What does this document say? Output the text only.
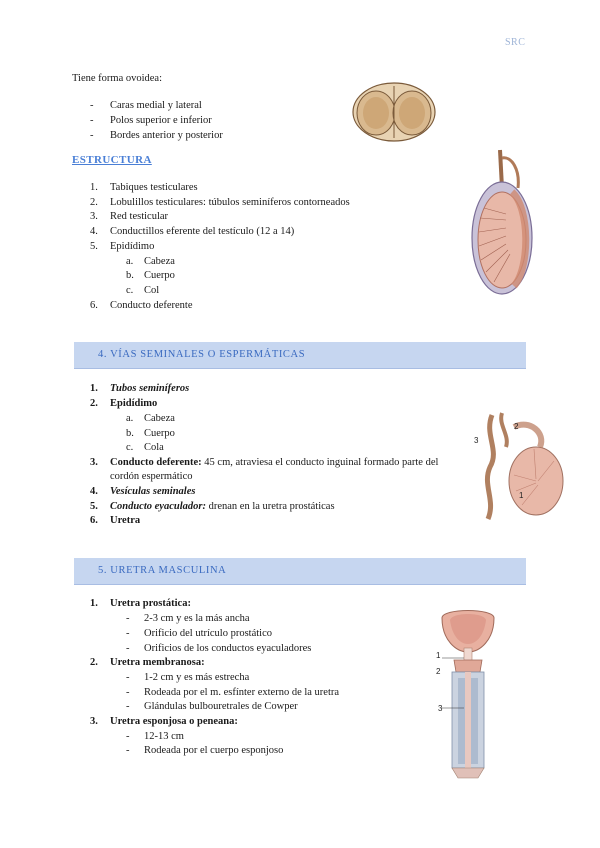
SRC
Tiene forma ovoidea:
- Caras medial y lateral
- Polos superior e inferior
- Bordes anterior y posterior
ESTRUCTURA
1.	Tabiques testiculares
2.	Lobulillos testiculares: túbulos seminíferos contorneados
3.	Red testicular
4.	Conductillos eferente del testículo (12 a 14)
5.	Epidídimo
a.	Cabeza
b. Cuerpo
c.	Col
6.	Conducto deferente
4. VÍAS SEMINALES O ESPERMÁTICAS
1.	Tubos seminíferos
2.	Epidídimo
a.	Cabeza
b. Cuerpo
c.	Cola
3.	Conducto deferente: 45 cm, atraviesa el conducto inguinal formado parte del
cordón espermático
4.	Vesículas seminales
5.	Conducto eyaculador: drenan en la uretra prostáticas
6.	Uretra
3
2
1
5. URETRA MASCULINA
1.	Uretra prostática:
- 2-3 cm y es la más ancha
- Orificio del utrículo prostático
- Orificios de los conductos eyaculadores
2.	Uretra membranosa:
- 1-2 cm y es más estrecha
- Rodeada por el m. esfínter externo de la uretra
- Glándulas bulbouretrales de Cowper
3.	Uretra esponjosa o peneana:
- 12-13 cm
- Rodeada por el cuerpo esponjoso
1
2
3
